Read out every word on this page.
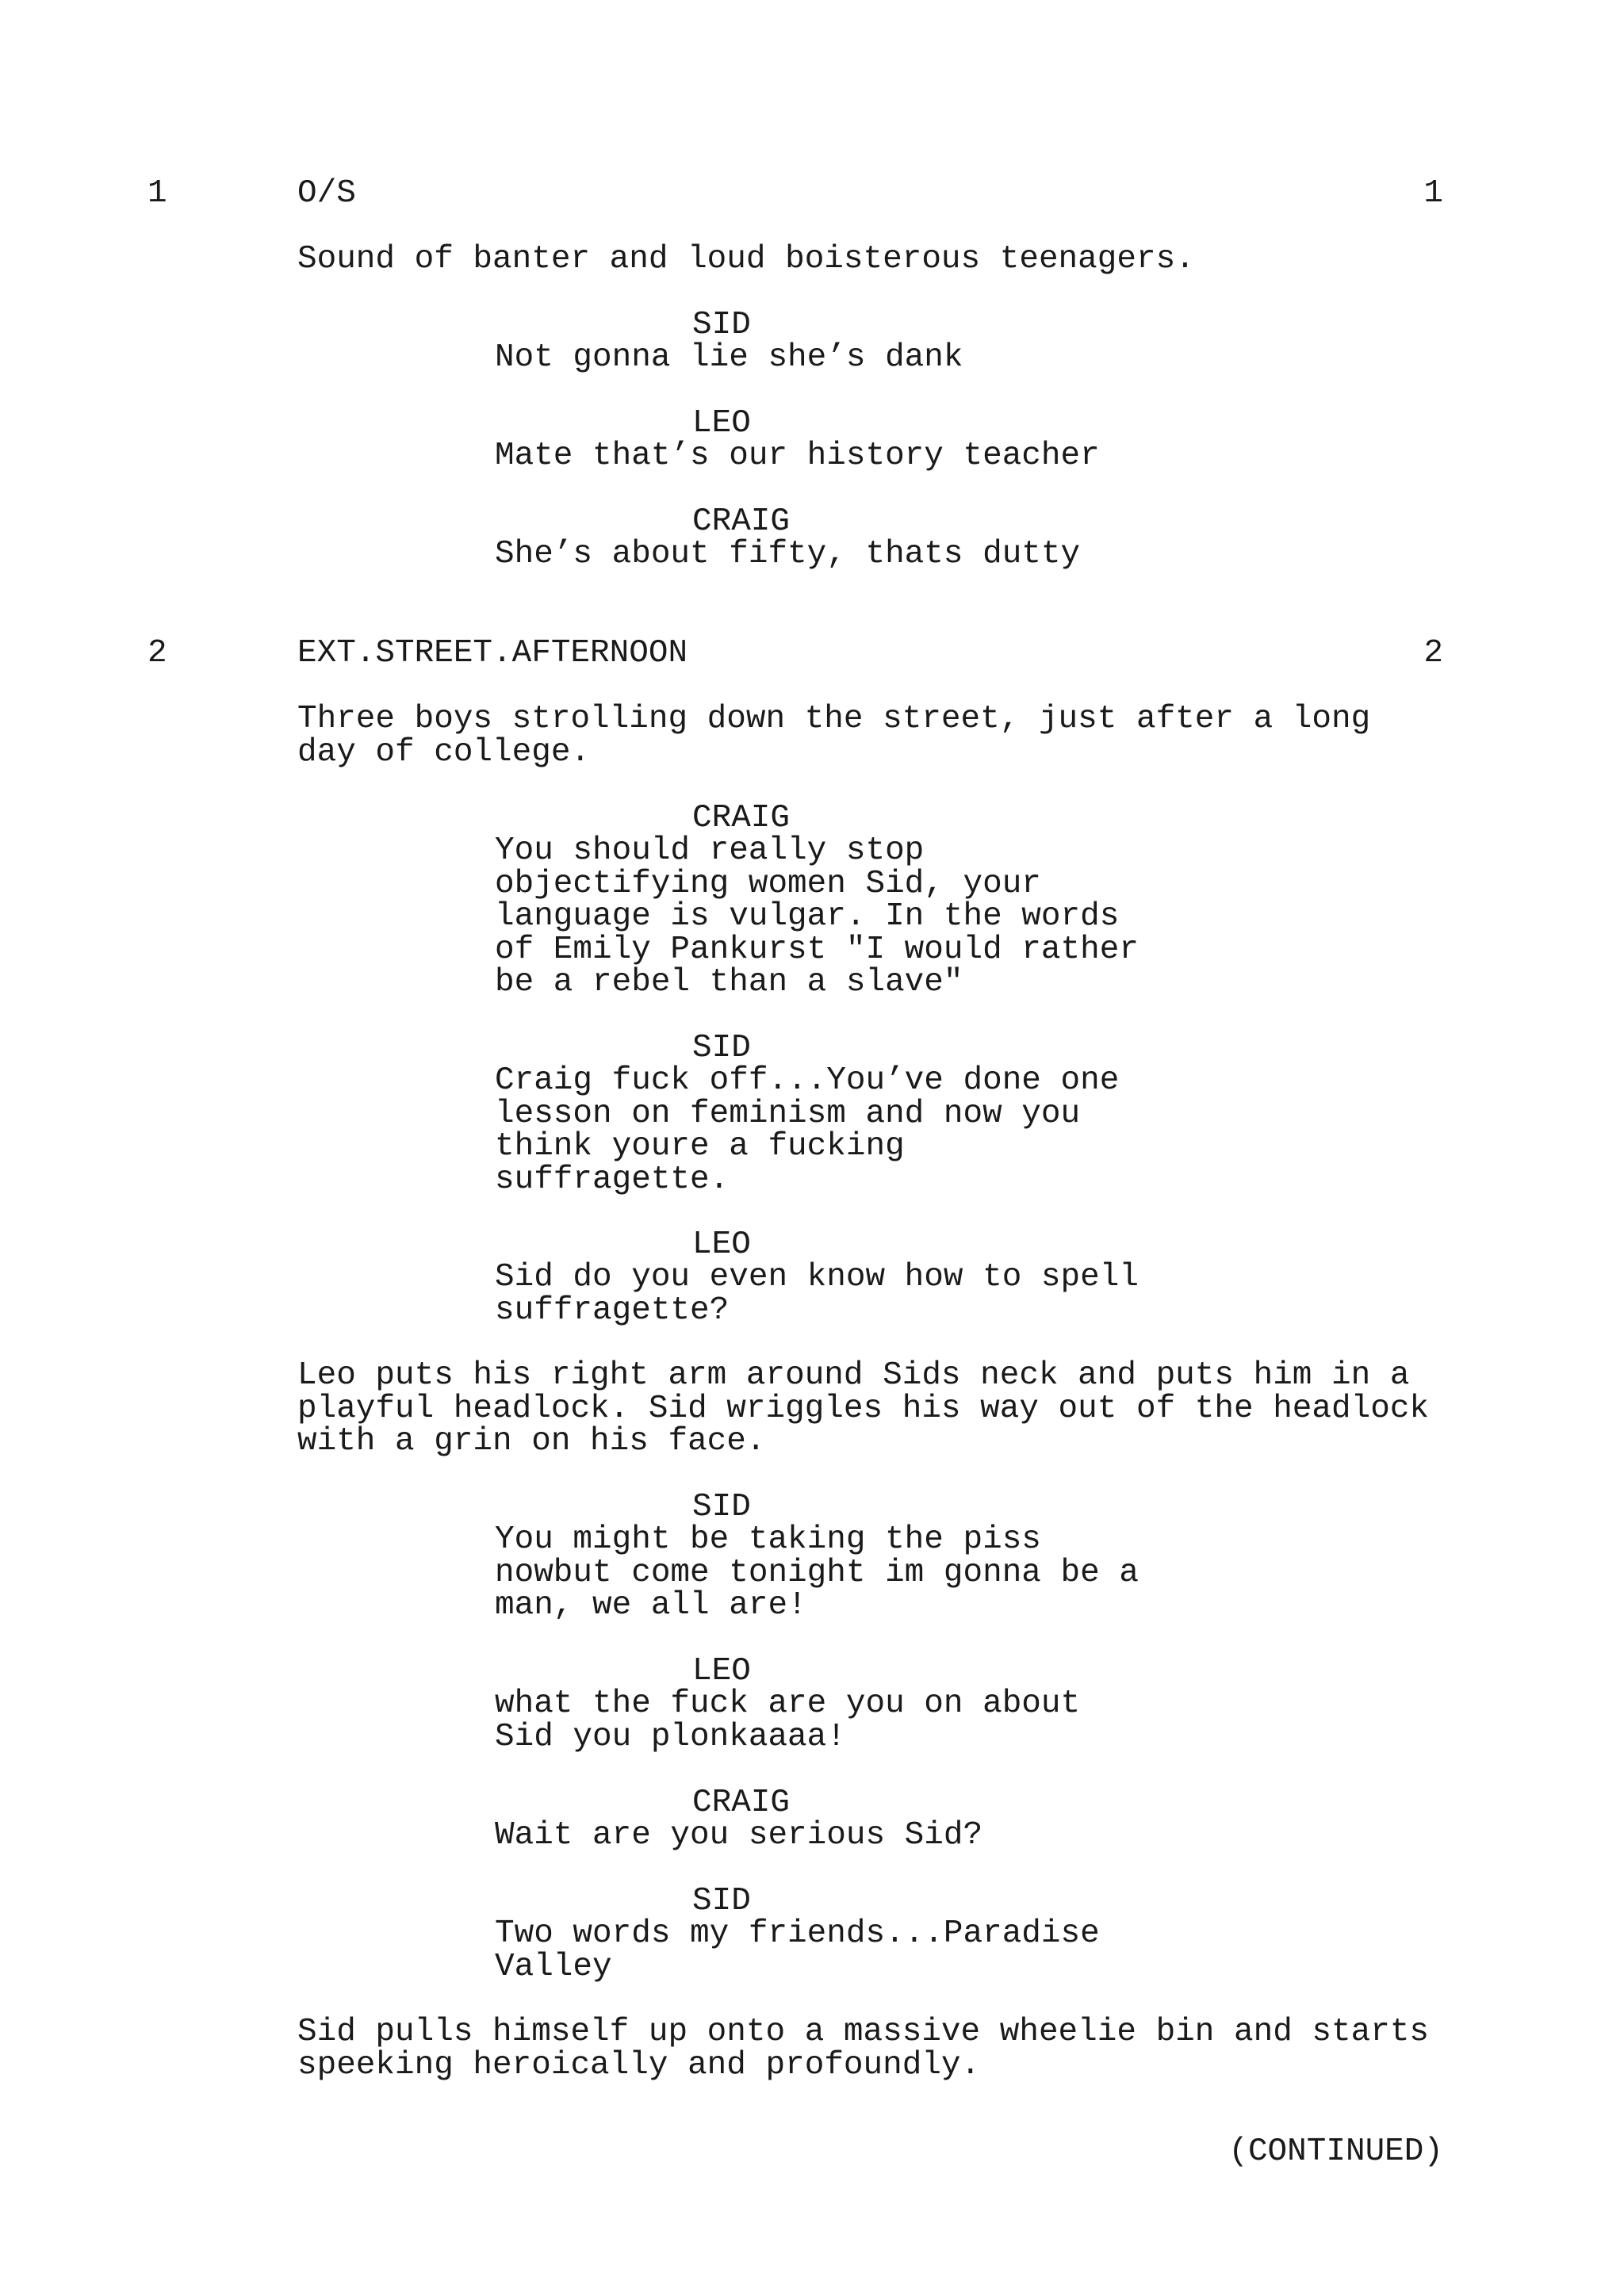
1	O/S	1
Sound of banter and loud boisterous teenagers.
SID
Not gonna lie she’s dank
LEO
Mate that’s our history teacher
CRAIG
She’s about fifty, thats dutty
2	EXT.STREET.AFTERNOON	2
Three boys strolling down the street, just after a long
day of college.
CRAIG
You should really stop
objectifying women Sid, your
language is vulgar. In the words
of Emily Pankurst "I would rather
be a rebel than a slave"
SID
Craig fuck off...You’ve done one
lesson on feminism and now you
think youre a fucking
suffragette.
LEO
Sid do you even know how to spell
suffragette?
Leo puts his right arm around Sids neck and puts him in a
playful headlock. Sid wriggles his way out of the headlock
with a grin on his face.
SID
You might be taking the piss
nowbut come tonight im gonna be a
man, we all are!
LEO
what the fuck are you on about
Sid you plonkaaaa!
CRAIG
Wait are you serious Sid?
SID
Two words my friends...Paradise
Valley
Sid pulls himself up onto a massive wheelie bin and starts
speeking heroically and profoundly.
(CONTINUED)
